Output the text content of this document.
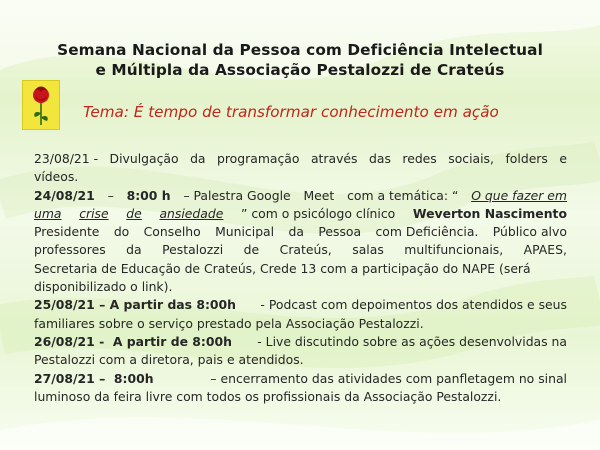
Semana Nacional da Pessoa com Deficiência Intelectual
e Múltipla da Associação Pestalozzi de Crateús
Tema: É tempo de transformar conhecimento em ação
23/08/21 - Divulgação da programação através das redes sociais, folders e
vídeos.
24/08/21 – 8:00 h – Palestra Google Meet com a temática: “ O que fazer em
uma crise de ansiedade ” com o psicólogo clínico Weverton Nascimento
Presidente do Conselho Municipal da Pessoa com Deficiência. Público alvo
professores da Pestalozzi de Crateús, salas multifuncionais, APAES,
Secretaria de Educação de Crateús, Crede 13 com a participação do NAPE (será
disponibilizado o link).
25/08/21 – A partir das 8:00h - Podcast com depoimentos dos atendidos e seus
familiares sobre o serviço prestado pela Associação Pestalozzi.
26/08/21 -  A partir de 8:00h - Live discutindo sobre as ações desenvolvidas na
Pestalozzi com a diretora, pais e atendidos.
27/08/21 –  8:00h	– encerramento das atividades com panfletagem no sinal
luminoso da feira livre com todos os profissionais da Associação Pestalozzi.
